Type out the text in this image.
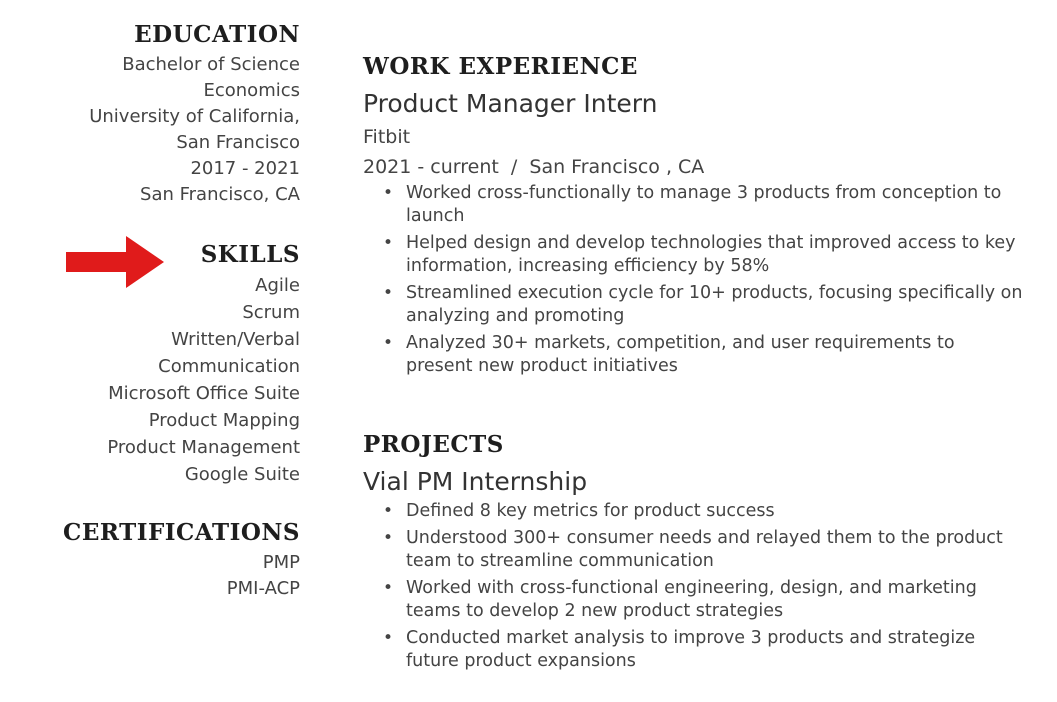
EDUCATION
Bachelor of Science
Economics
University of California,
San Francisco
2017 - 2021
San Francisco, CA
SKILLS
Agile
Scrum
Written/Verbal
Communication
Microsoft Office Suite
Product Mapping
Product Management
Google Suite
CERTIFICATIONS
PMP
PMI-ACP
WORK EXPERIENCE
Product Manager Intern
Fitbit
2021 - current  /  San Francisco , CA
• Worked cross-functionally to manage 3 products from conception to launch
• Helped design and develop technologies that improved access to key information, increasing efficiency by 58%
• Streamlined execution cycle for 10+ products, focusing specifically on analyzing and promoting
• Analyzed 30+ markets, competition, and user requirements to present new product initiatives
PROJECTS
Vial PM Internship
• Defined 8 key metrics for product success
• Understood 300+ consumer needs and relayed them to the product team to streamline communication
• Worked with cross-functional engineering, design, and marketing teams to develop 2 new product strategies
• Conducted market analysis to improve 3 products and strategize future product expansions
